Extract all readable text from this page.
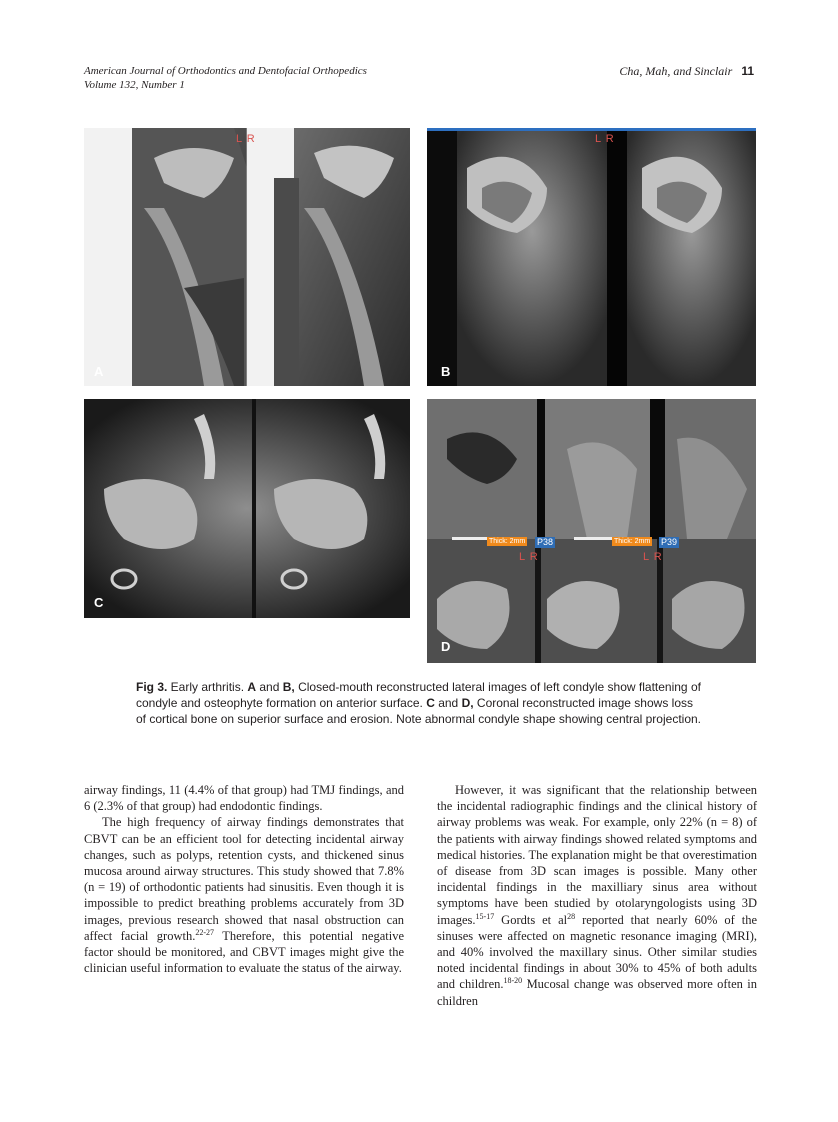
American Journal of Orthodontics and Dentofacial Orthopedics
Volume 132, Number 1
Cha, Mah, and Sinclair 11
L R
A
L R
B
C
L R	L R
Thick: 2mm P38	Thick: 2mm P39
D
Fig 3. Early arthritis. A and B, Closed-mouth reconstructed lateral images of left condyle show flattening of condyle and osteophyte formation on anterior surface. C and D, Coronal reconstructed image shows loss of cortical bone on superior surface and erosion. Note abnormal condyle shape showing central projection.

airway findings, 11 (4.4% of that group) had TMJ findings, and 6 (2.3% of that group) had endodontic findings.

The high frequency of airway findings demonstrates that CBVT can be an efficient tool for detecting incidental airway changes, such as polyps, retention cysts, and thickened sinus mucosa around airway structures. This study showed that 7.8% (n = 19) of orthodontic patients had sinusitis. Even though it is impossible to predict breathing problems accurately from 3D images, previous research showed that nasal obstruction can affect facial growth.$^{22-27}$ Therefore, this potential negative factor should be monitored, and CBVT images might give the clinician useful information to evaluate the status of the airway.

However, it was significant that the relationship between the incidental radiographic findings and the clinical history of airway problems was weak. For example, only 22% (n = 8) of the patients with airway findings showed related symptoms and medical histories. The explanation might be that overestimation of disease from 3D scan images is possible. Many other incidental findings in the maxilliary sinus area without symptoms have been studied by otolaryngologists using 3D images.$^{15-17}$ Gordts et $al^{28}$ reported that nearly 60% of the sinuses were affected on magnetic resonance imaging (MRI), and 40% involved the maxillary sinus. Other similar studies noted incidental findings in about 30% to 45% of both adults and children.$^{18-20}$ Mucosal change was observed more often in children
